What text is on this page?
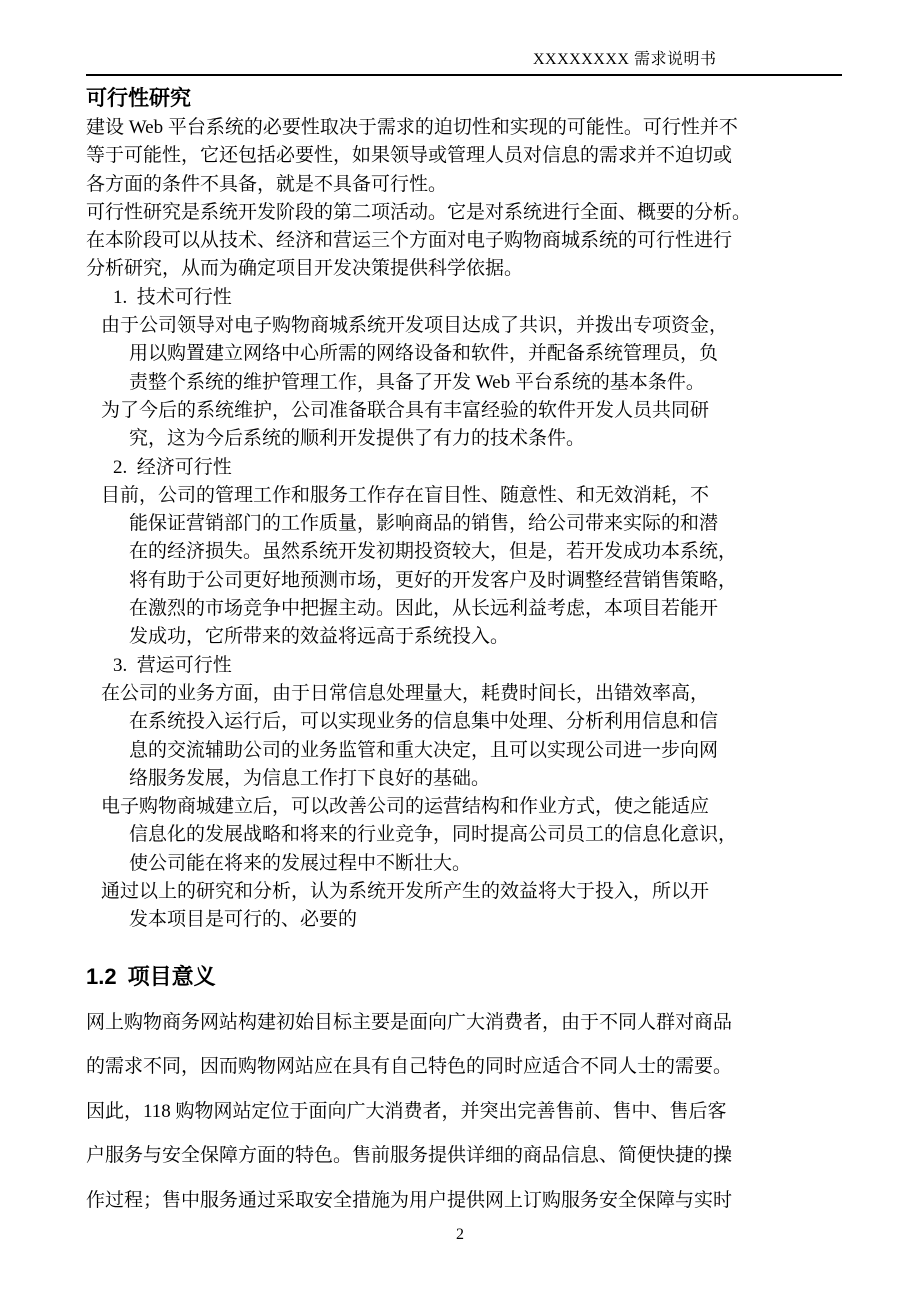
XXXXXXXX 需求说明书
可行性研究
建设 Web 平台系统的必要性取决于需求的迫切性和实现的可能性。可行性并不
等于可能性，它还包括必要性，如果领导或管理人员对信息的需求并不迫切或
各方面的条件不具备，就是不具备可行性。
可行性研究是系统开发阶段的第二项活动。它是对系统进行全面、概要的分析。
在本阶段可以从技术、经济和营运三个方面对电子购物商城系统的可行性进行
分析研究，从而为确定项目开发决策提供科学依据。
1.  技术可行性
由于公司领导对电子购物商城系统开发项目达成了共识，并拨出专项资金，
用以购置建立网络中心所需的网络设备和软件，并配备系统管理员，负
责整个系统的维护管理工作，具备了开发 Web 平台系统的基本条件。
为了今后的系统维护，公司准备联合具有丰富经验的软件开发人员共同研
究，这为今后系统的顺利开发提供了有力的技术条件。
2.  经济可行性
目前，公司的管理工作和服务工作存在盲目性、随意性、和无效消耗，不
能保证营销部门的工作质量，影响商品的销售，给公司带来实际的和潜
在的经济损失。虽然系统开发初期投资较大，但是，若开发成功本系统，
将有助于公司更好地预测市场，更好的开发客户及时调整经营销售策略，
在激烈的市场竞争中把握主动。因此，从长远利益考虑，本项目若能开
发成功，它所带来的效益将远高于系统投入。
3.  营运可行性
在公司的业务方面，由于日常信息处理量大，耗费时间长，出错效率高，
在系统投入运行后，可以实现业务的信息集中处理、分析利用信息和信
息的交流辅助公司的业务监管和重大决定，且可以实现公司进一步向网
络服务发展，为信息工作打下良好的基础。
电子购物商城建立后，可以改善公司的运营结构和作业方式，使之能适应
信息化的发展战略和将来的行业竞争，同时提高公司员工的信息化意识，
使公司能在将来的发展过程中不断壮大。
通过以上的研究和分析，认为系统开发所产生的效益将大于投入，所以开
发本项目是可行的、必要的
1.2 项目意义
网上购物商务网站构建初始目标主要是面向广大消费者，由于不同人群对商品
的需求不同，因而购物网站应在具有自己特色的同时应适合不同人士的需要。
因此，118 购物网站定位于面向广大消费者，并突出完善售前、售中、售后客
户服务与安全保障方面的特色。售前服务提供详细的商品信息、简便快捷的操
作过程；售中服务通过采取安全措施为用户提供网上订购服务安全保障与实时
2
